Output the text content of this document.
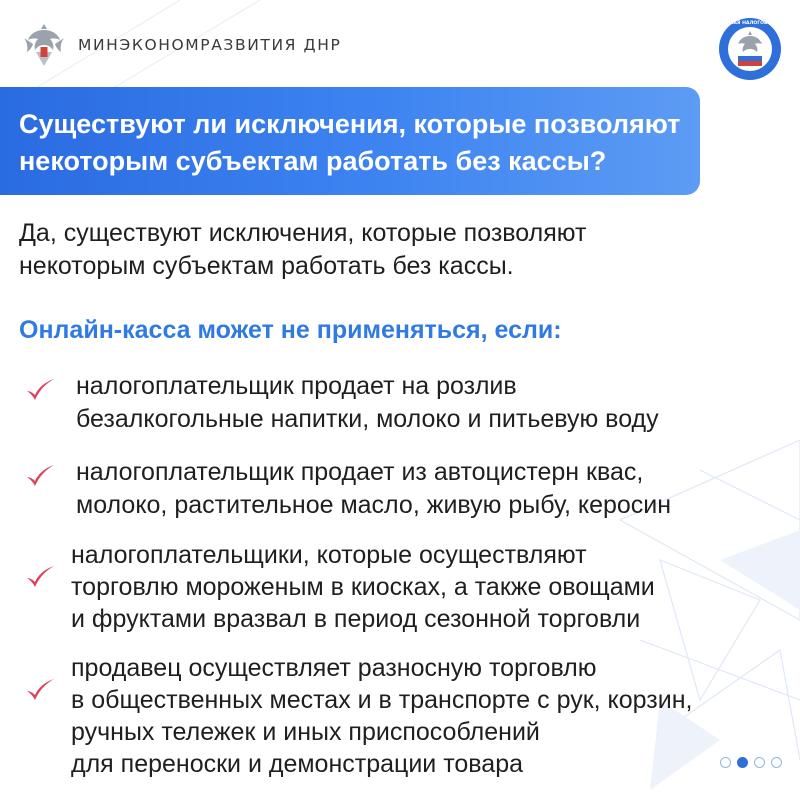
МИНЭКОНОМРАЗВИТИЯ ДНР
ФЕДЕРАЛЬНАЯ НАЛОГОВАЯ СЛУЖБА

Существуют ли исключения, которые позволяют
некоторым субъектам работать без кассы?

Да, существуют исключения, которые позволяют
некоторым субъектам работать без кассы.

Онлайн-касса может не применяться, если:

налогоплательщик продает на розлив
безалкогольные напитки, молоко и питьевую воду

налогоплательщик продает из автоцистерн квас,
молоко, растительное масло, живую рыбу, керосин

налогоплательщики, которые осуществляют
торговлю мороженым в киосках, а также овощами
и фруктами вразвал в период сезонной торговли

продавец осуществляет разносную торговлю
в общественных местах и в транспорте с рук, корзин,
ручных тележек и иных приспособлений
для переноски и демонстрации товара
